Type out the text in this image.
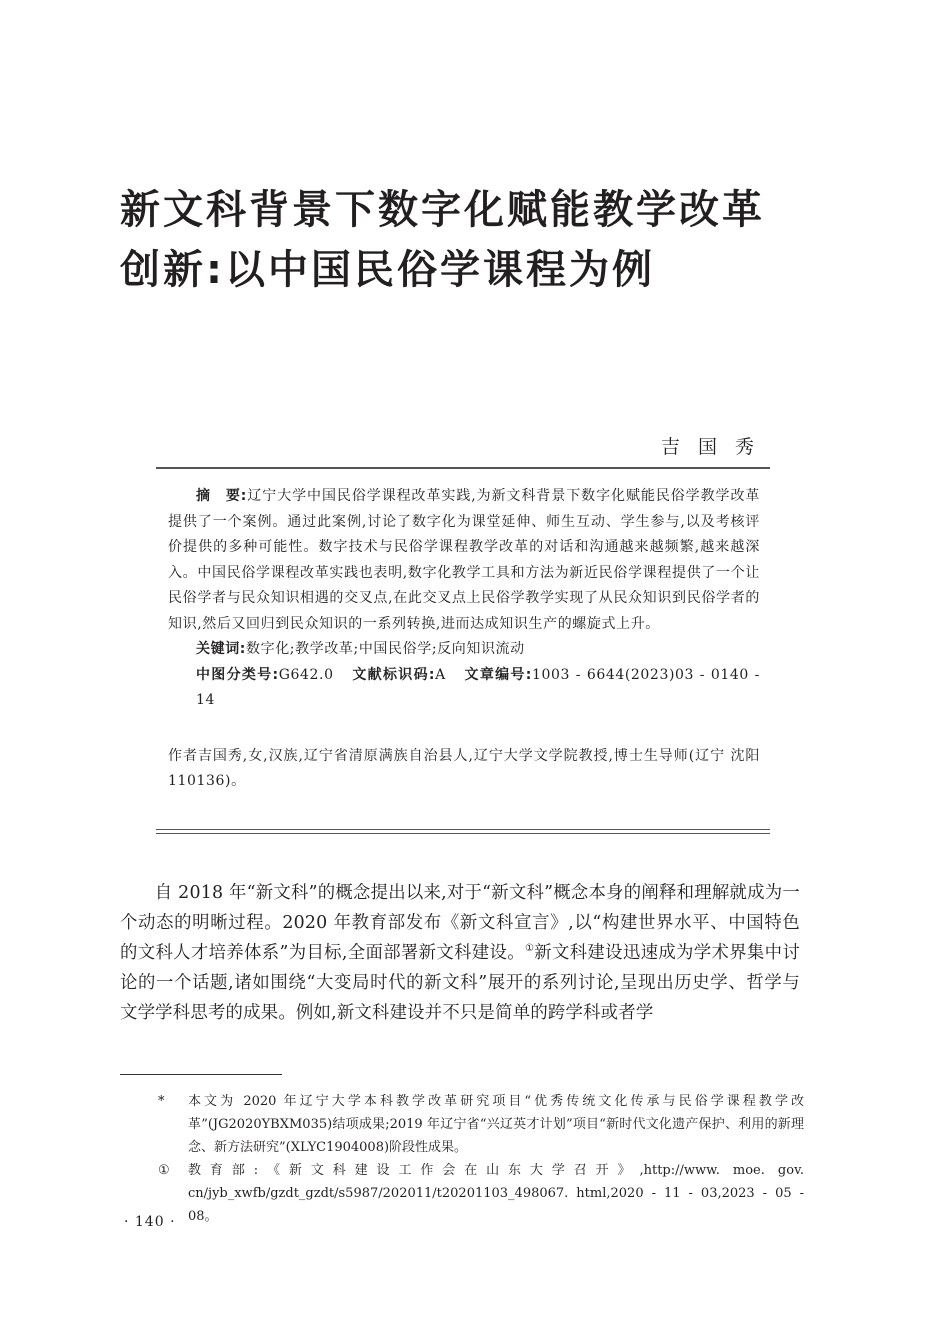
新文科背景下数字化赋能教学改革
创新:以中国民俗学课程为例
吉 国 秀

摘　要:辽宁大学中国民俗学课程改革实践,为新文科背景下数字化赋能民俗学教学改革提供了一个案例。通过此案例,讨论了数字化为课堂延伸、师生互动、学生参与,以及考核评价提供的多种可能性。数字技术与民俗学课程教学改革的对话和沟通越来越频繁,越来越深入。中国民俗学课程改革实践也表明,数字化教学工具和方法为新近民俗学课程提供了一个让民俗学者与民众知识相遇的交叉点,在此交叉点上民俗学教学实现了从民众知识到民俗学者的知识,然后又回归到民众知识的一系列转换,进而达成知识生产的螺旋式上升。

关键词:数字化;教学改革;中国民俗学;反向知识流动

中图分类号:G642.0 文献标识码:A 文章编号:1003 - 6644(2023)03 - 0140 - 14

作者吉国秀,女,汉族,辽宁省清原满族自治县人,辽宁大学文学院教授,博士生导师(辽宁 沈阳　110136)。

自 2018 年“新文科”的概念提出以来,对于“新文科”概念本身的阐释和理解就成为一个动态的明晰过程。2020 年教育部发布《新文科宣言》,以“构建世界水平、中国特色的文科人才培养体系”为目标,全面部署新文科建设。①新文科建设迅速成为学术界集中讨论的一个话题,诸如围绕“大变局时代的新文科”展开的系列讨论,呈现出历史学、哲学与文学学科思考的成果。例如,新文科建设并不只是简单的跨学科或者学

* 本文为 2020 年辽宁大学本科教学改革研究项目“优秀传统文化传承与民俗学课程教学改革”(JG2020YBXM035)结项成果;2019 年辽宁省“兴辽英才计划”项目“新时代文化遗产保护、利用的新理念、新方法研究”(XLYC1904008)阶段性成果。

① 教育部:《新文科建设工作会在山东大学召开》,http://www. moe. gov. cn/jyb_xwfb/gzdt_gzdt/s5987/202011/t20201103_498067. html,2020 - 11 - 03,2023 - 05 - 08。

· 140 ·
